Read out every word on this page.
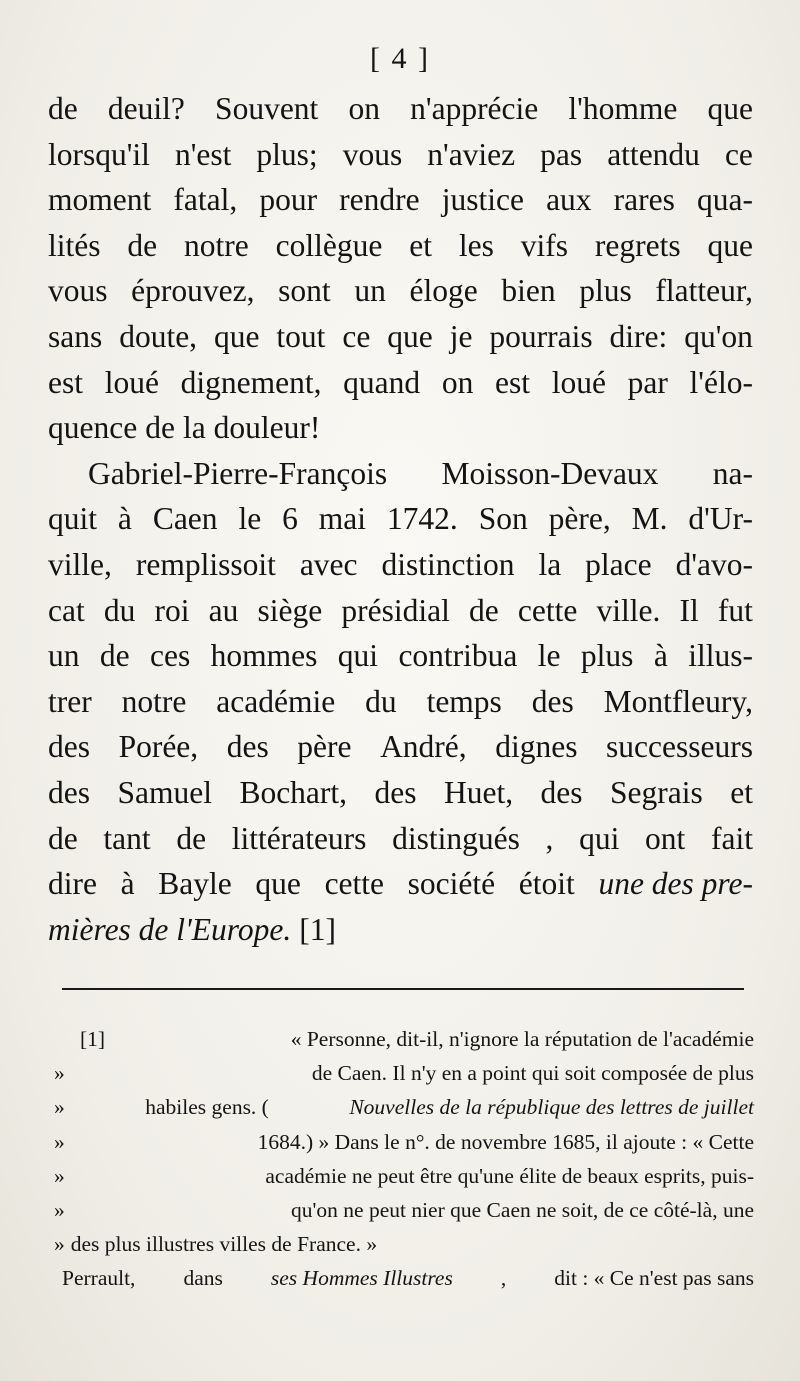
[ 4 ]
de deuil? Souvent on n'apprécie l'homme que
lorsqu'il n'est plus; vous n'aviez pas attendu ce
moment fatal, pour rendre justice aux rares qua-
lités de notre collègue et les vifs regrets que
vous éprouvez, sont un éloge bien plus flatteur,
sans doute, que tout ce que je pourrais dire: qu'on
est loué dignement, quand on est loué par l'élo-
quence de la douleur!
Gabriel-Pierre-François Moisson-Devaux na-
quit à Caen le 6 mai 1742. Son père, M. d'Ur-
ville, remplissoit avec distinction la place d'avo-
cat du roi au siège présidial de cette ville. Il fut
un de ces hommes qui contribua le plus à illus-
trer notre académie du temps des Montfleury,
des Porée, des père André, dignes successeurs
des Samuel Bochart, des Huet, des Segrais et
de tant de littérateurs distingués , qui ont fait
dire à Bayle que cette société étoit une des pre-
mières de l'Europe. [1]
[1]	« Personne, dit-il, n'ignore la réputation de l'académie
»	de Caen. Il n'y en a point qui soit composée de plus
»	habiles gens. (	Nouvelles de la république des lettres de juillet
»	1684.) » Dans le n°. de novembre 1685, il ajoute : « Cette
»	académie ne peut être qu'une élite de beaux esprits, puis-
»	qu'on ne peut nier que Caen ne soit, de ce côté-là, une
» des plus illustres villes de France. »
Perrault, dans ses Hommes Illustres , dit : « Ce n'est pas sans
